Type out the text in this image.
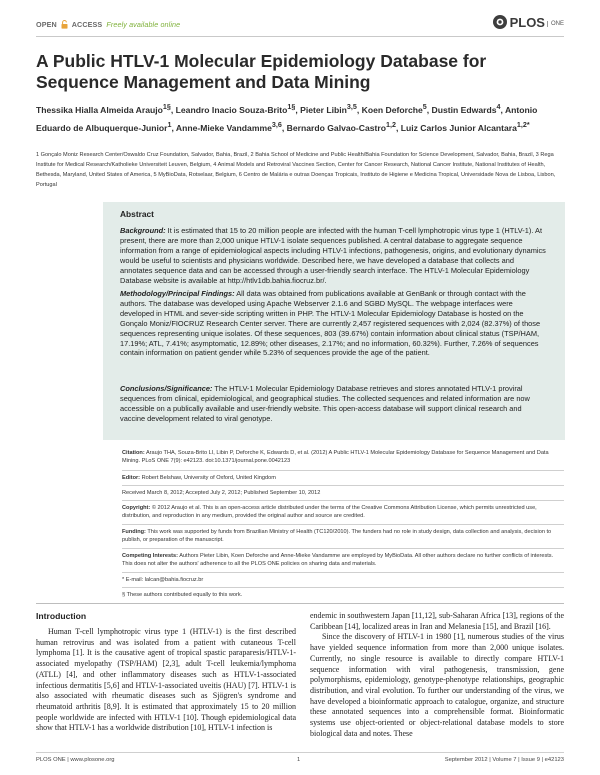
OPEN ACCESS Freely available online	PLOS ONE
A Public HTLV-1 Molecular Epidemiology Database for Sequence Management and Data Mining
Thessika Hialla Almeida Araujo$^{1\S}$, Leandro Inacio Souza-Brito$^{1\S}$, Pieter Libin$^{3,5}$, Koen Deforche$^5$, Dustin Edwards$^4$, Antonio Eduardo de Albuquerque-Junior$^1$, Anne-Mieke Vandamme$^{3,6}$, Bernardo Galvao-Castro$^{1,2}$, Luiz Carlos Junior Alcantara$^{1,2*}$
1 Gonçalo Moniz Research Center/Oswaldo Cruz Foundation, Salvador, Bahia, Brazil, 2 Bahia School of Medicine and Public Health/Bahia Foundation for Science Development, Salvador, Bahia, Brazil, 3 Rega Institute for Medical Research/Katholieke Universiteit Leuven, Belgium, 4 Animal Models and Retroviral Vaccines Section, Center for Cancer Research, National Cancer Institute, National Institutes of Health, Bethesda, Maryland, United States of America, 5 MyBioData, Rotselaar, Belgium, 6 Centro de Malária e outras Doenças Tropicais, Instituto de Higiene e Medicina Tropical, Universidade Nova de Lisboa, Lisbon, Portugal
Abstract

Background: It is estimated that 15 to 20 million people are infected with the human T-cell lymphotropic virus type 1 (HTLV-1). At present, there are more than 2,000 unique HTLV-1 isolate sequences published. A central database to aggregate sequence information from a range of epidemiological aspects including HTLV-1 infections, pathogenesis, origins, and evolutionary dynamics would be useful to scientists and physicians worldwide. Described here, we have developed a database that collects and annotates sequence data and can be accessed through a user-friendly search interface. The HTLV-1 Molecular Epidemiology Database website is available at http://htlv1db.bahia.fiocruz.br/.

Methodology/Principal Findings: All data was obtained from publications available at GenBank or through contact with the authors. The database was developed using Apache Webserver 2.1.6 and SGBD MySQL. The webpage interfaces were developed in HTML and sever-side scripting written in PHP. The HTLV-1 Molecular Epidemiology Database is hosted on the Gonçalo Moniz/FIOCRUZ Research Center server. There are currently 2,457 registered sequences with 2,024 (82.37%) of those sequences representing unique isolates. Of these sequences, 803 (39.67%) contain information about clinical status (TSP/HAM, 17.19%; ATL, 7.41%; asymptomatic, 12.89%; other diseases, 2.17%; and no information, 60.32%). Further, 7.26% of sequences contain information on patient gender while 5.23% of sequences provide the age of the patient.

Conclusions/Significance: The HTLV-1 Molecular Epidemiology Database retrieves and stores annotated HTLV-1 proviral sequences from clinical, epidemiological, and geographical studies. The collected sequences and related information are now accessible on a publically available and user-friendly website. This open-access database will support clinical research and vaccine development related to viral genotype.

Citation: Araujo THA, Souza-Brito LI, Libin P, Deforche K, Edwards D, et al. (2012) A Public HTLV-1 Molecular Epidemiology Database for Sequence Management and Data Mining. PLoS ONE 7(9): e42123. doi:10.1371/journal.pone.0042123

Editor: Robert Belshaw, University of Oxford, United Kingdom

Received March 8, 2012; Accepted July 2, 2012; Published September 10, 2012

Copyright: © 2012 Araujo et al. This is an open-access article distributed under the terms of the Creative Commons Attribution License, which permits unrestricted use, distribution, and reproduction in any medium, provided the original author and source are credited.

Funding: This work was supported by funds from Brazilian Ministry of Health (TC120/2010). The funders had no role in study design, data collection and analysis, decision to publish, or preparation of the manuscript.

Competing Interests: Authors Pieter Libin, Koen Deforche and Anne-Mieke Vandamme are employed by MyBioData. All other authors declare no further conflicts of interests. This does not alter the authors' adherence to all the PLOS ONE policies on sharing data and materials.

* E-mail: lalcan@bahia.fiocruz.br

§ These authors contributed equally to this work.

Introduction

Human T-cell lymphotropic virus type 1 (HTLV-1) is the first described human retrovirus and was isolated from a patient with cutaneous T-cell lymphoma [1]. It is the causative agent of tropical spastic paraparesis/HTLV-1-associated myelopathy (TSP/HAM) [2,3], adult T-cell leukemia/lymphoma (ATLL) [4], and other inflammatory diseases such as HTLV-1-associated infectious dermatitis [5,6] and HTLV-1-associated uveitis (HAU) [7]. HTLV-1 is also associated with rheumatic diseases such as Sjögren's syndrome and rheumatoid arthritis [8,9]. It is estimated that approximately 15 to 20 million people worldwide are infected with HTLV-1 [10]. Though epidemiological data show that HTLV-1 has a worldwide distribution [10], HTLV-1 infection is

endemic in southwestern Japan [11,12], sub-Saharan Africa [13], regions of the Caribbean [14], localized areas in Iran and Melanesia [15], and Brazil [16].

Since the discovery of HTLV-1 in 1980 [1], numerous studies of the virus have yielded sequence information from more than 2,000 unique isolates. Currently, no single resource is available to directly compare HTLV-1 sequence information with viral pathogenesis, transmission, gene polymorphisms, epidemiology, genotype-phenotype relationships, geographic distribution, and viral evolution. To further our understanding of the virus, we have developed a bioinformatic approach to catalogue, organize, and structure these annotated sequences into a comprehensible format. Bioinformatic systems use object-oriented or object-relational database models to store biological data and notes. These

PLOS ONE | www.plosone.org	1	September 2012 | Volume 7 | Issue 9 | e42123
